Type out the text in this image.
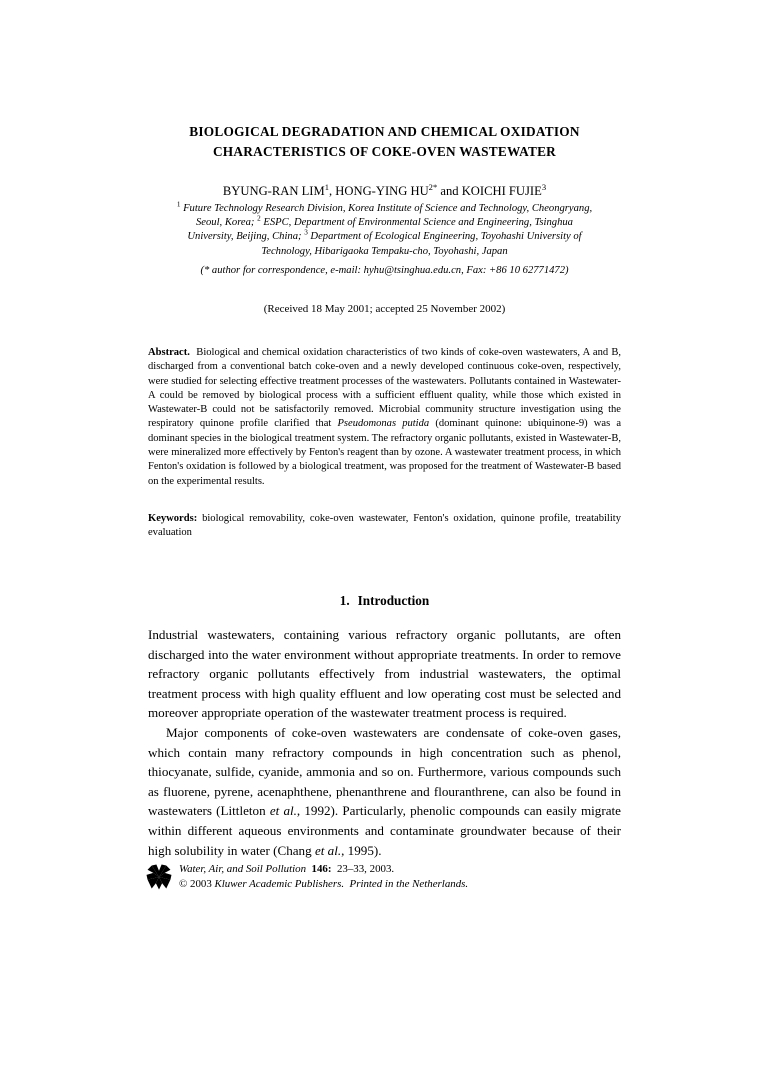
BIOLOGICAL DEGRADATION AND CHEMICAL OXIDATION
CHARACTERISTICS OF COKE-OVEN WASTEWATER
BYUNG-RAN LIM$^1$, HONG-YING $HU^{2*}$ and KOICHI FUJIE$^3$
$^1$ Future Technology Research Division, Korea Institute of Science and Technology, Cheongryang,
Seoul, Korea; $^2$ ESPC, Department of Environmental Science and Engineering, Tsinghua
University, Beijing, China; $^3$ Department of Ecological Engineering, Toyohashi University of
Technology, Hibarigaoka Tempaku-cho, Toyohashi, Japan
(* author for correspondence, e-mail: hyhu@tsinghua.edu.cn, Fax: +86 10 62771472)
(Received 18 May 2001; accepted 25 November 2002)

Abstract. Biological and chemical oxidation characteristics of two kinds of coke-oven wastewaters, A and B, discharged from a conventional batch coke-oven and a newly developed continuous coke-oven, respectively, were studied for selecting effective treatment processes of the wastewaters. Pollutants contained in Wastewater-A could be removed by biological process with a sufficient effluent quality, while those which existed in Wastewater-B could not be satisfactorily removed. Microbial community structure investigation using the respiratory quinone profile clarified that Pseudomonas putida (dominant quinone: ubiquinone-9) was a dominant species in the biological treatment system. The refractory organic pollutants, existed in Wastewater-B, were mineralized more effectively by Fenton's reagent than by ozone. A wastewater treatment process, in which Fenton's oxidation is followed by a biological treatment, was proposed for the treatment of Wastewater-B based on the experimental results.

Keywords: biological removability, coke-oven wastewater, Fenton's oxidation, quinone profile, treatability evaluation

1. Introduction

Industrial wastewaters, containing various refractory organic pollutants, are often discharged into the water environment without appropriate treatments. In order to remove refractory organic pollutants effectively from industrial wastewaters, the optimal treatment process with high quality effluent and low operating cost must be selected and moreover appropriate operation of the wastewater treatment process is required.

Major components of coke-oven wastewaters are condensate of coke-oven gases, which contain many refractory compounds in high concentration such as phenol, thiocyanate, sulfide, cyanide, ammonia and so on. Furthermore, various compounds such as fluorene, pyrene, acenaphthene, phenanthrene and flouranthrene, can also be found in wastewaters (Littleton et al., 1992). Particularly, phenolic compounds can easily migrate within different aqueous environments and contaminate groundwater because of their high solubility in water (Chang et al., 1995).

Water, Air, and Soil Pollution 146: 23–33, 2003.
© 2003 Kluwer Academic Publishers. Printed in the Netherlands.
